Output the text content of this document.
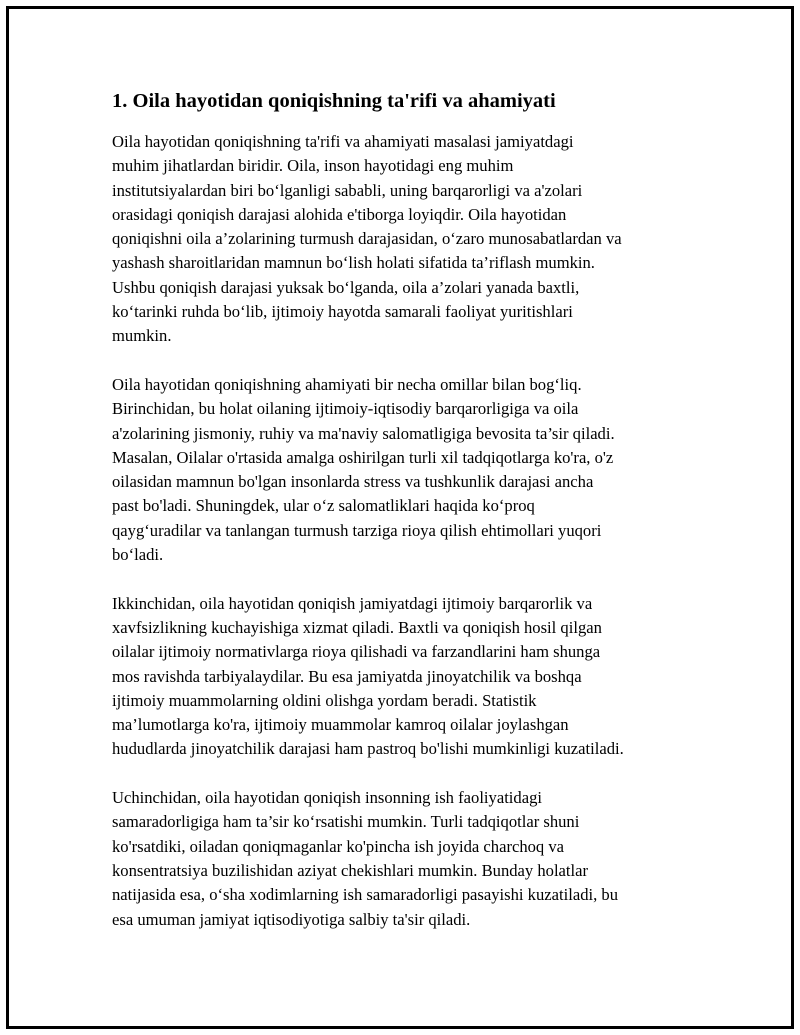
1. Oila hayotidan qoniqishning ta'rifi va ahamiyati
Oila hayotidan qoniqishning ta'rifi va ahamiyati masalasi jamiyatdagi
muhim jihatlardan biridir. Oila, inson hayotidagi eng muhim
institutsiyalardan biri bo‘lganligi sababli, uning barqarorligi va a'zolari
orasidagi qoniqish darajasi alohida e'tiborga loyiqdir. Oila hayotidan
qoniqishni oila a’zolarining turmush darajasidan, o‘zaro munosabatlardan va
yashash sharoitlaridan mamnun bo‘lish holati sifatida ta’riflash mumkin.
Ushbu qoniqish darajasi yuksak bo‘lganda, oila a’zolari yanada baxtli,
ko‘tarinki ruhda bo‘lib, ijtimoiy hayotda samarali faoliyat yuritishlari
mumkin.
Oila hayotidan qoniqishning ahamiyati bir necha omillar bilan bog‘liq.
Birinchidan, bu holat oilaning ijtimoiy-iqtisodiy barqarorligiga va oila
a'zolarining jismoniy, ruhiy va ma'naviy salomatligiga bevosita ta’sir qiladi.
Masalan, Oilalar o'rtasida amalga oshirilgan turli xil tadqiqotlarga ko'ra, o'z
oilasidan mamnun bo'lgan insonlarda stress va tushkunlik darajasi ancha
past bo'ladi. Shuningdek, ular o‘z salomatliklari haqida ko‘proq
qayg‘uradilar va tanlangan turmush tarziga rioya qilish ehtimollari yuqori
bo‘ladi.
Ikkinchidan, oila hayotidan qoniqish jamiyatdagi ijtimoiy barqarorlik va
xavfsizlikning kuchayishiga xizmat qiladi. Baxtli va qoniqish hosil qilgan
oilalar ijtimoiy normativlarga rioya qilishadi va farzandlarini ham shunga
mos ravishda tarbiyalaydilar. Bu esa jamiyatda jinoyatchilik va boshqa
ijtimoiy muammolarning oldini olishga yordam beradi. Statistik
ma’lumotlarga ko'ra, ijtimoiy muammolar kamroq oilalar joylashgan
hududlarda jinoyatchilik darajasi ham pastroq bo'lishi mumkinligi kuzatiladi.
Uchinchidan, oila hayotidan qoniqish insonning ish faoliyatidagi
samaradorligiga ham ta’sir ko‘rsatishi mumkin. Turli tadqiqotlar shuni
ko'rsatdiki, oiladan qoniqmaganlar ko'pincha ish joyida charchoq va
konsentratsiya buzilishidan aziyat chekishlari mumkin. Bunday holatlar
natijasida esa, o‘sha xodimlarning ish samaradorligi pasayishi kuzatiladi, bu
esa umuman jamiyat iqtisodiyotiga salbiy ta'sir qiladi.
